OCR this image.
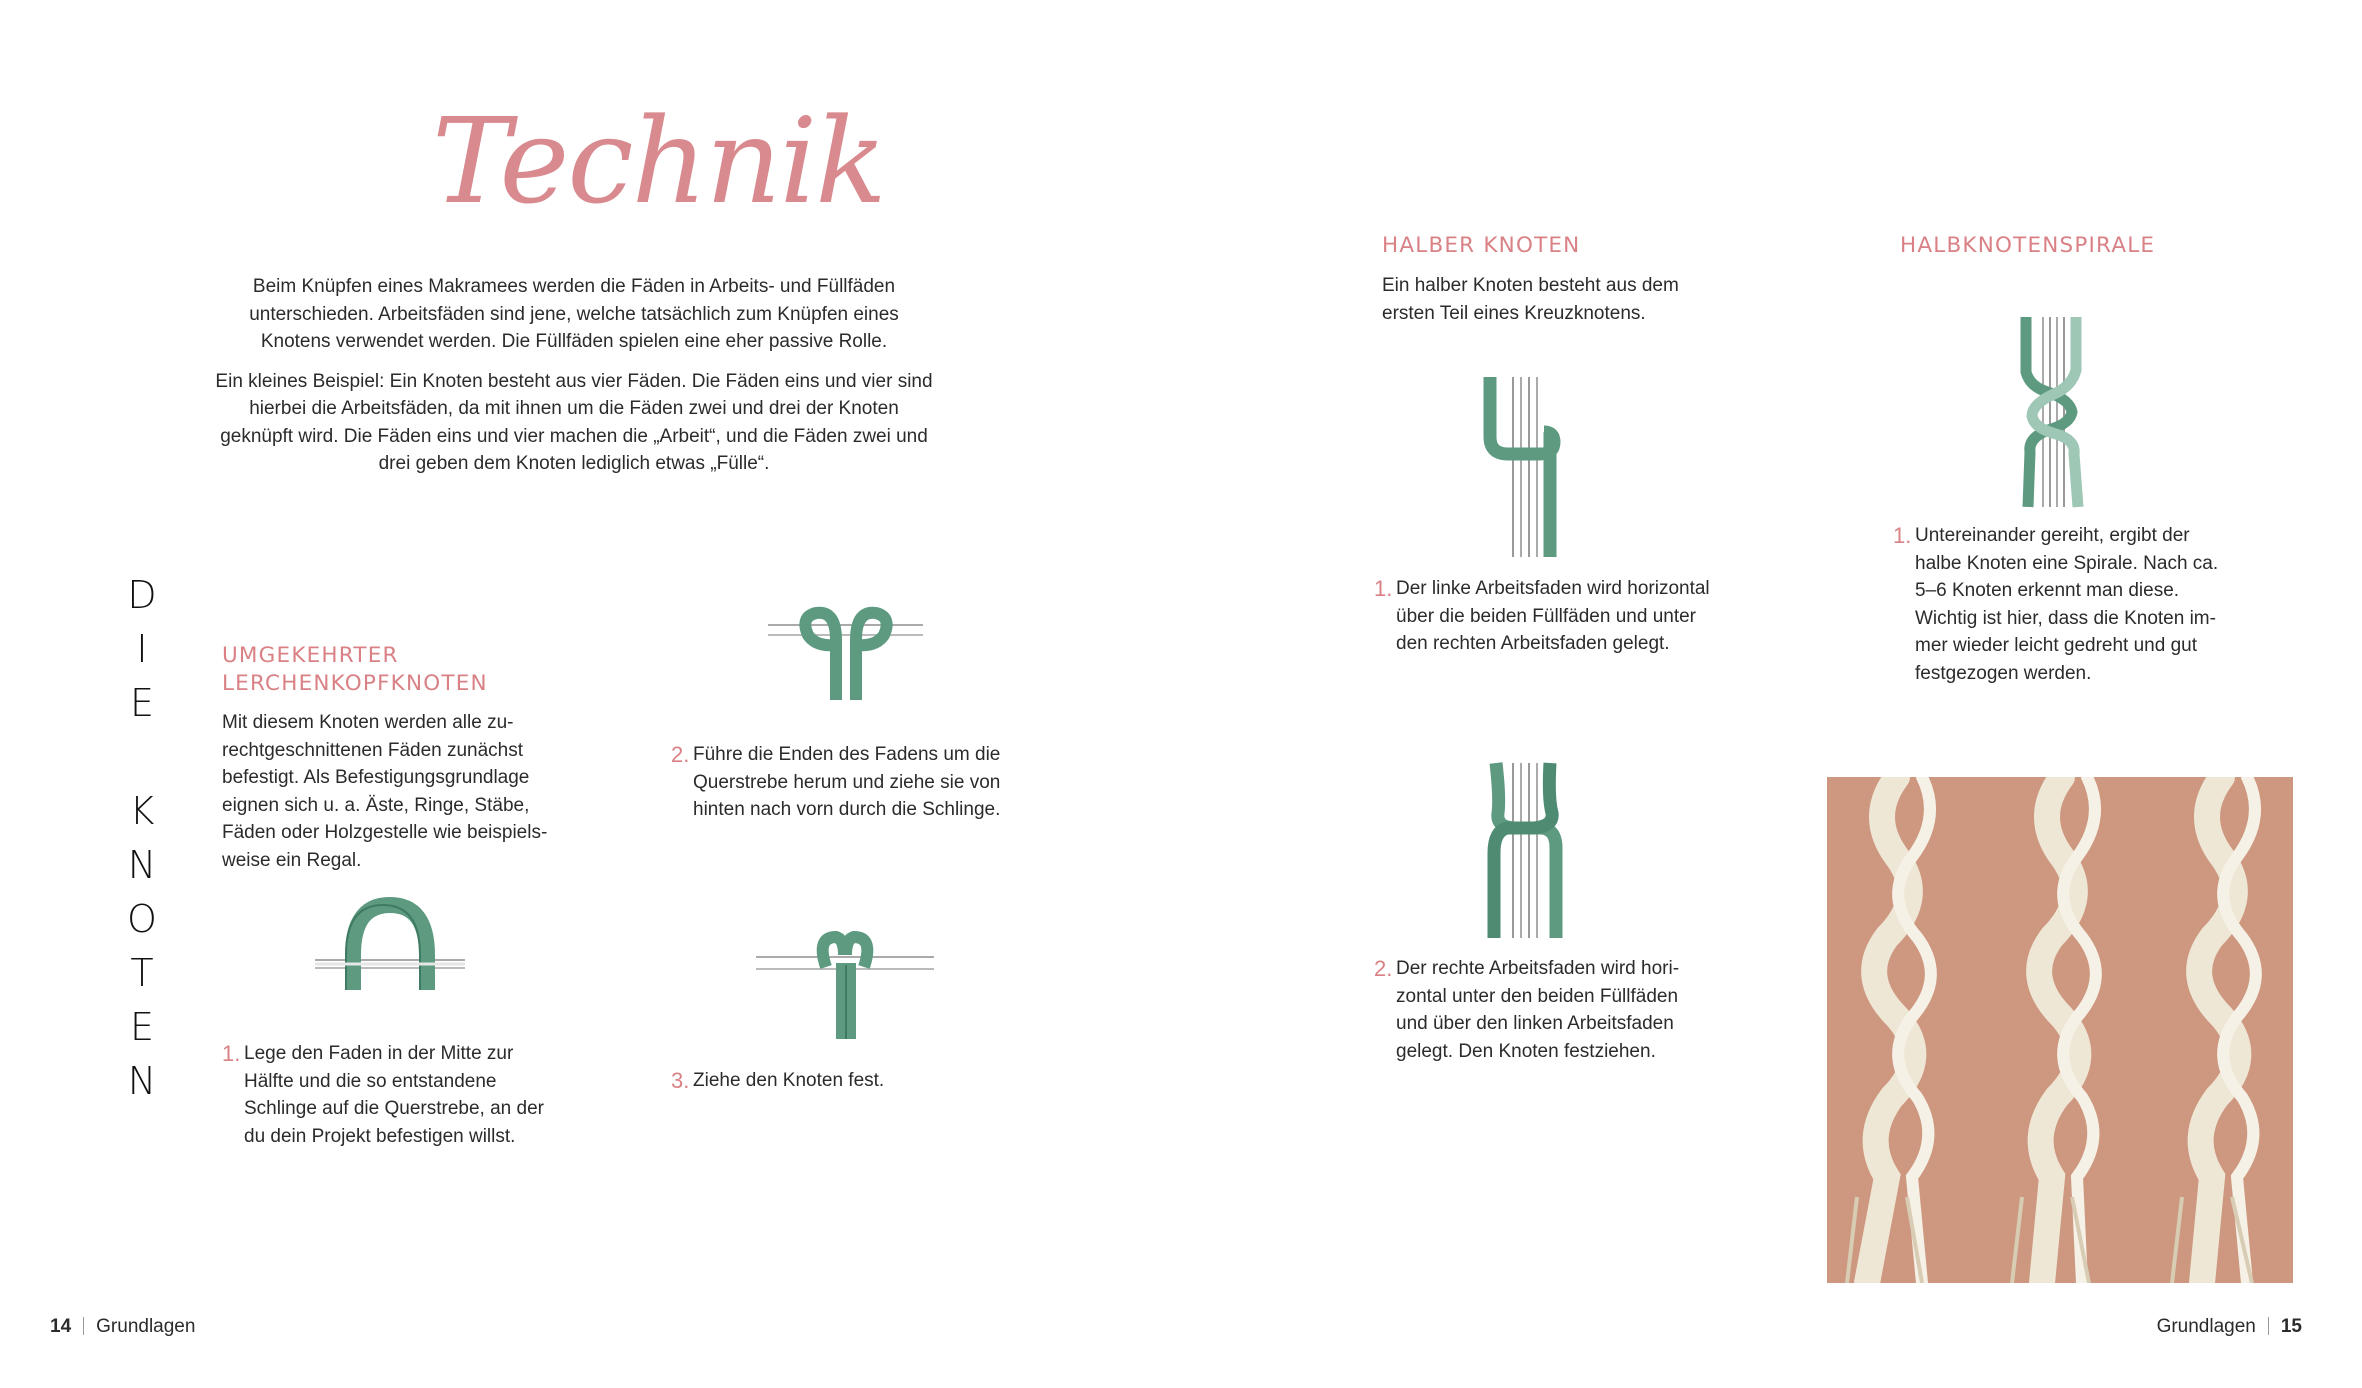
Technik

Beim Knüpfen eines Makramees werden die Fäden in Arbeits- und Füllfäden unterschieden. Arbeitsfäden sind jene, welche tatsächlich zum Knüpfen eines Knotens verwendet werden. Die Füllfäden spielen eine eher passive Rolle.

Ein kleines Beispiel: Ein Knoten besteht aus vier Fäden. Die Fäden eins und vier sind hierbei die Arbeitsfäden, da mit ihnen um die Fäden zwei und drei der Knoten geknüpft wird. Die Fäden eins und vier machen die „Arbeit“, und die Fäden zwei und drei geben dem Knoten lediglich etwas „Fülle“.

D
I
E
K
N
O
T
E
N
UMGEKEHRTER
LERCHENKOPFKNOTEN
Mit diesem Knoten werden alle zu-rechtgeschnittenen Fäden zunächst befestigt. Als Befestigungsgrundlage eignen sich u. a. Äste, Ringe, Stäbe, Fäden oder Holzgestelle wie beispiels-weise ein Regal.
1. Lege den Faden in der Mitte zur Hälfte und die so entstandene Schlinge auf die Querstrebe, an der du dein Projekt befestigen willst.
2. Führe die Enden des Fadens um die Querstrebe herum und ziehe sie von hinten nach vorn durch die Schlinge.
3. Ziehe den Knoten fest.
HALBER KNOTEN
Ein halber Knoten besteht aus dem ersten Teil eines Kreuzknotens.
1. Der linke Arbeitsfaden wird horizontal über die beiden Füllfäden und unter den rechten Arbeitsfaden gelegt.
2. Der rechte Arbeitsfaden wird hori-zontal unter den beiden Füllfäden und über den linken Arbeitsfaden gelegt. Den Knoten festziehen.
HALBKNOTENSPIRALE
1. Untereinander gereiht, ergibt der halbe Knoten eine Spirale. Nach ca. 5–6 Knoten erkennt man diese. Wichtig ist hier, dass die Knoten im-mer wieder leicht gedreht und gut festgezogen werden.
14 Grundlagen	Grundlagen 15
